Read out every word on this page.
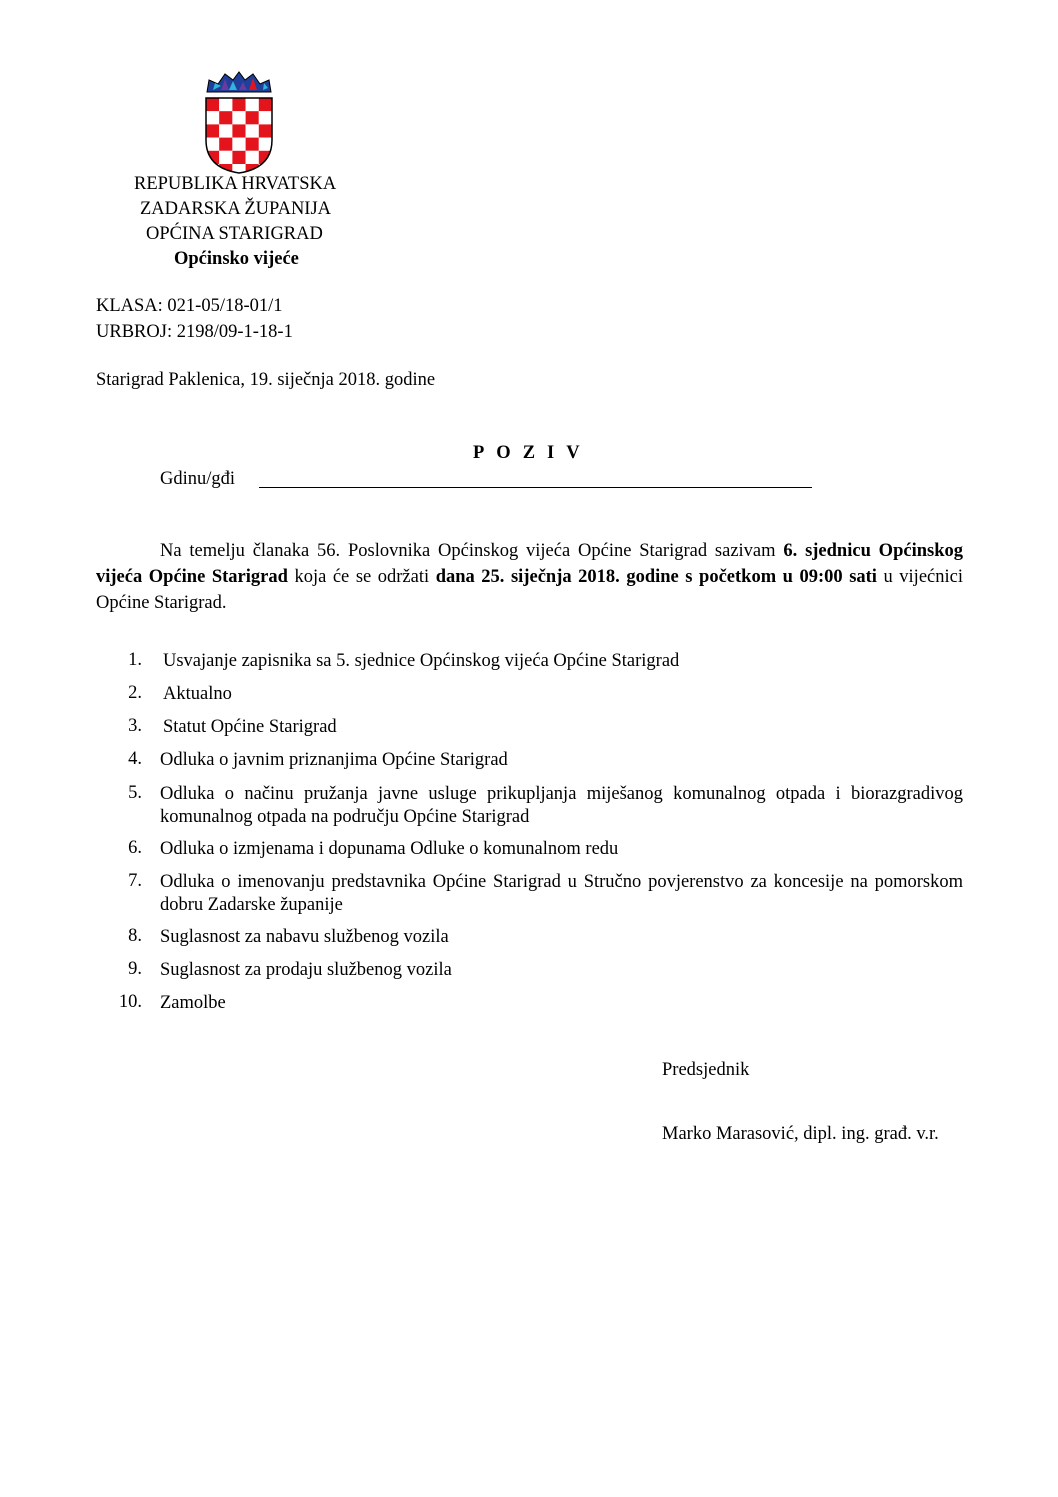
REPUBLIKA HRVATSKA
ZADARSKA ŽUPANIJA
OPĆINA STARIGRAD
Općinsko vijeće
KLASA: 021-05/18-01/1
URBROJ: 2198/09-1-18-1
Starigrad Paklenica, 19. siječnja 2018. godine
POZIV
Gdinu/gđi
Na temelju članaka 56. Poslovnika Općinskog vijeća Općine Starigrad sazivam 6. sjednicu Općinskog vijeća Općine Starigrad koja će se održati dana 25. siječnja 2018. godine s početkom u 09:00 sati u vijećnici Općine Starigrad.
1. Usvajanje zapisnika sa 5. sjednice Općinskog vijeća Općine Starigrad
2. Aktualno
3. Statut Općine Starigrad
4. Odluka o javnim priznanjima Općine Starigrad
5. Odluka o načinu pružanja javne usluge prikupljanja miješanog komunalnog otpada i biorazgradivog komunalnog otpada na području Općine Starigrad
6. Odluka o izmjenama i dopunama Odluke o komunalnom redu
7. Odluka o imenovanju predstavnika Općine Starigrad u Stručno povjerenstvo za koncesije na pomorskom dobru Zadarske županije
8. Suglasnost za nabavu službenog vozila
9. Suglasnost za prodaju službenog vozila
10. Zamolbe
Predsjednik
Marko Marasović, dipl. ing. građ. v.r.
